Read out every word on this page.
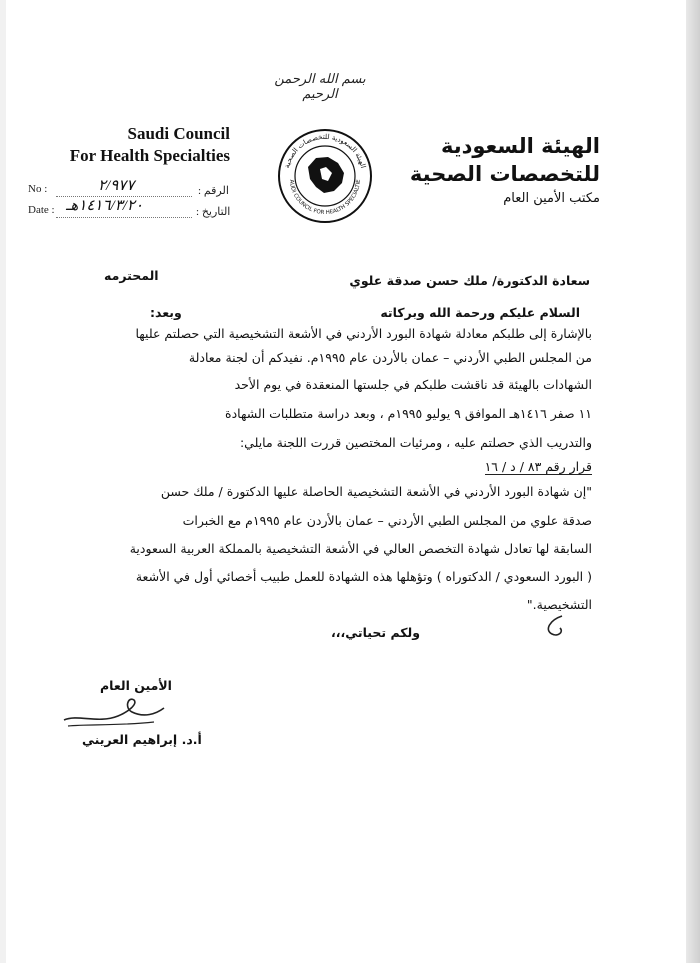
بسم الله الرحمن الرحيم
Saudi Council
For Health Specialties	الهيئة السعودية
للتخصصات الصحية
مكتب الأمين العام
الهيئة السعودية للتخصصات الصحية
AUDI COUNCIL FOR HEALTH SPECIALTIE
No :	٢/٩٧٧	الرقم :
Date : ١٤١٦/٣/٢٠هـ	التاريخ :
سعادة الدكتورة/ ملك حسن صدقة علوي
المحترمه
السلام عليكم ورحمة الله وبركاته
وبعد:
بالإشارة إلى طلبكم معادلة شهادة البورد الأردني في الأشعة التشخيصية التي حصلتم عليها
من المجلس الطبي الأردني – عمان بالأردن عام ١٩٩٥م. نفيدكم أن لجنة معادلة
الشهادات بالهيئة قد ناقشت طلبكم في جلستها المنعقدة في يوم الأحد
١١ صفر ١٤١٦هـ الموافق ٩ يوليو ١٩٩٥م ، وبعد دراسة متطلبات الشهادة
والتدريب الذي حصلتم عليه ، ومرئيات المختصين قررت اللجنة مايلي:
قرار رقم ٨٣ / د / ١٦
"إن شهادة البورد الأردني في الأشعة التشخيصية الحاصلة عليها الدكتورة / ملك حسن
صدقة علوي من المجلس الطبي الأردني – عمان بالأردن عام ١٩٩٥م مع الخبرات
السابقة لها تعادل شهادة التخصص العالي في الأشعة التشخيصية بالمملكة العربية السعودية
( البورد السعودي / الدكتوراه ) وتؤهلها هذه الشهادة للعمل طبيب أخصائي أول في الأشعة
التشخيصية."
ولكم تحياتي،،،
الأمين العام
أ.د. إبراهيم العريني
